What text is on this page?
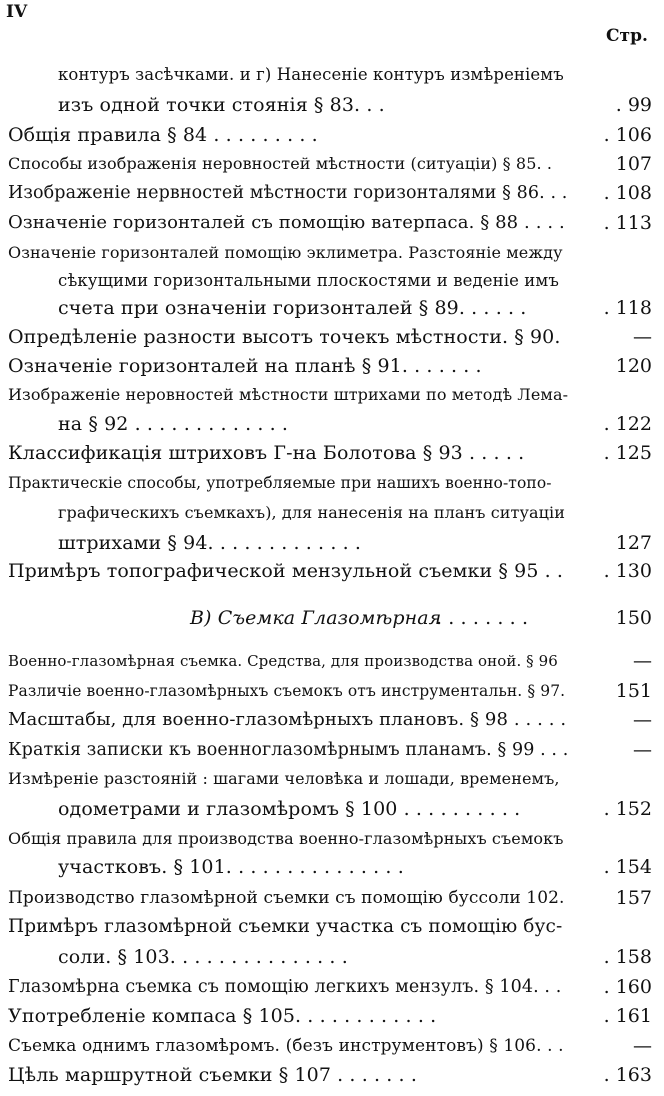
IV
Стр.
контуръ засѣчками. и г) Нанесеніе контуръ измѣреніемъ
изъ одной точки стоянія § 83. . .	. 99
Общія правила § 84 . . . . . . . . .	. 106
Способы изображенія неровностей мѣстности (ситуаціи) § 85. .	107
Изображеніе нервностей мѣстности горизонталями § 86. . .	. 108
Означеніе горизонталей съ помощію ватерпаса. § 88 . . . .	. 113
Означеніе горизонталей помощію эклиметра. Разстояніе между
сѣкущими горизонтальными плоскостями и веденіе имъ
счета при означеніи горизонталей § 89. . . . . .	. 118
Опредѣленіе разности высотъ точекъ мѣстности. § 90.	—
Означеніе горизонталей на планѣ § 91. . . . . . .	120
Изображеніе неровностей мѣстности штрихами по методѣ Лема-
на § 92 . . . . . . . . . . . . .	. 122
Классификація штриховъ Г-на Болотова § 93 . . . . .	. 125
Практическіе способы, употребляемые при нашихъ военно-топо-
графическихъ съемкахъ), для нанесенія на планъ ситуаціи
штрихами § 94. . . . . . . . . . . . .	127
Примѣръ топографической мензульной съемки § 95 . .	. 130
В) Съемка Глазомѣрная
. . . . . . . .	150
Военно-глазомѣрная съемка. Средства, для производства оной. § 96	—
Различіе военно-глазомѣрныхъ съемокъ отъ инструментальн. § 97.	151
Масштабы, для военно-глазомѣрныхъ плановъ. § 98 . . . . .	—
Краткія записки къ военноглазомѣрнымъ планамъ. § 99 . . .	—
Измѣреніе разстояній : шагами человѣка и лошади, временемъ,
одометрами и глазомѣромъ § 100 . . . . . . . . . .	. 152
Общія правила для производства военно-глазомѣрныхъ съемокъ
участковъ. § 101. . . . . . . . . . . . . . .	. 154
Производство глазомѣрной съемки съ помощію буссоли 102.	157
Примѣръ глазомѣрной съемки участка съ помощію бус-
соли. § 103. . . . . . . . . . . . . . .	. 158
Глазомѣрна съемка съ помощію легкихъ мензулъ. § 104. . .	. 160
Употребленіе компаса § 105. . . . . . . . . . . .	. 161
Съемка однимъ глазомѣромъ. (безъ инструментовъ) § 106. . .	—
Цѣль маршрутной съемки § 107 . . . . . . .	. 163
